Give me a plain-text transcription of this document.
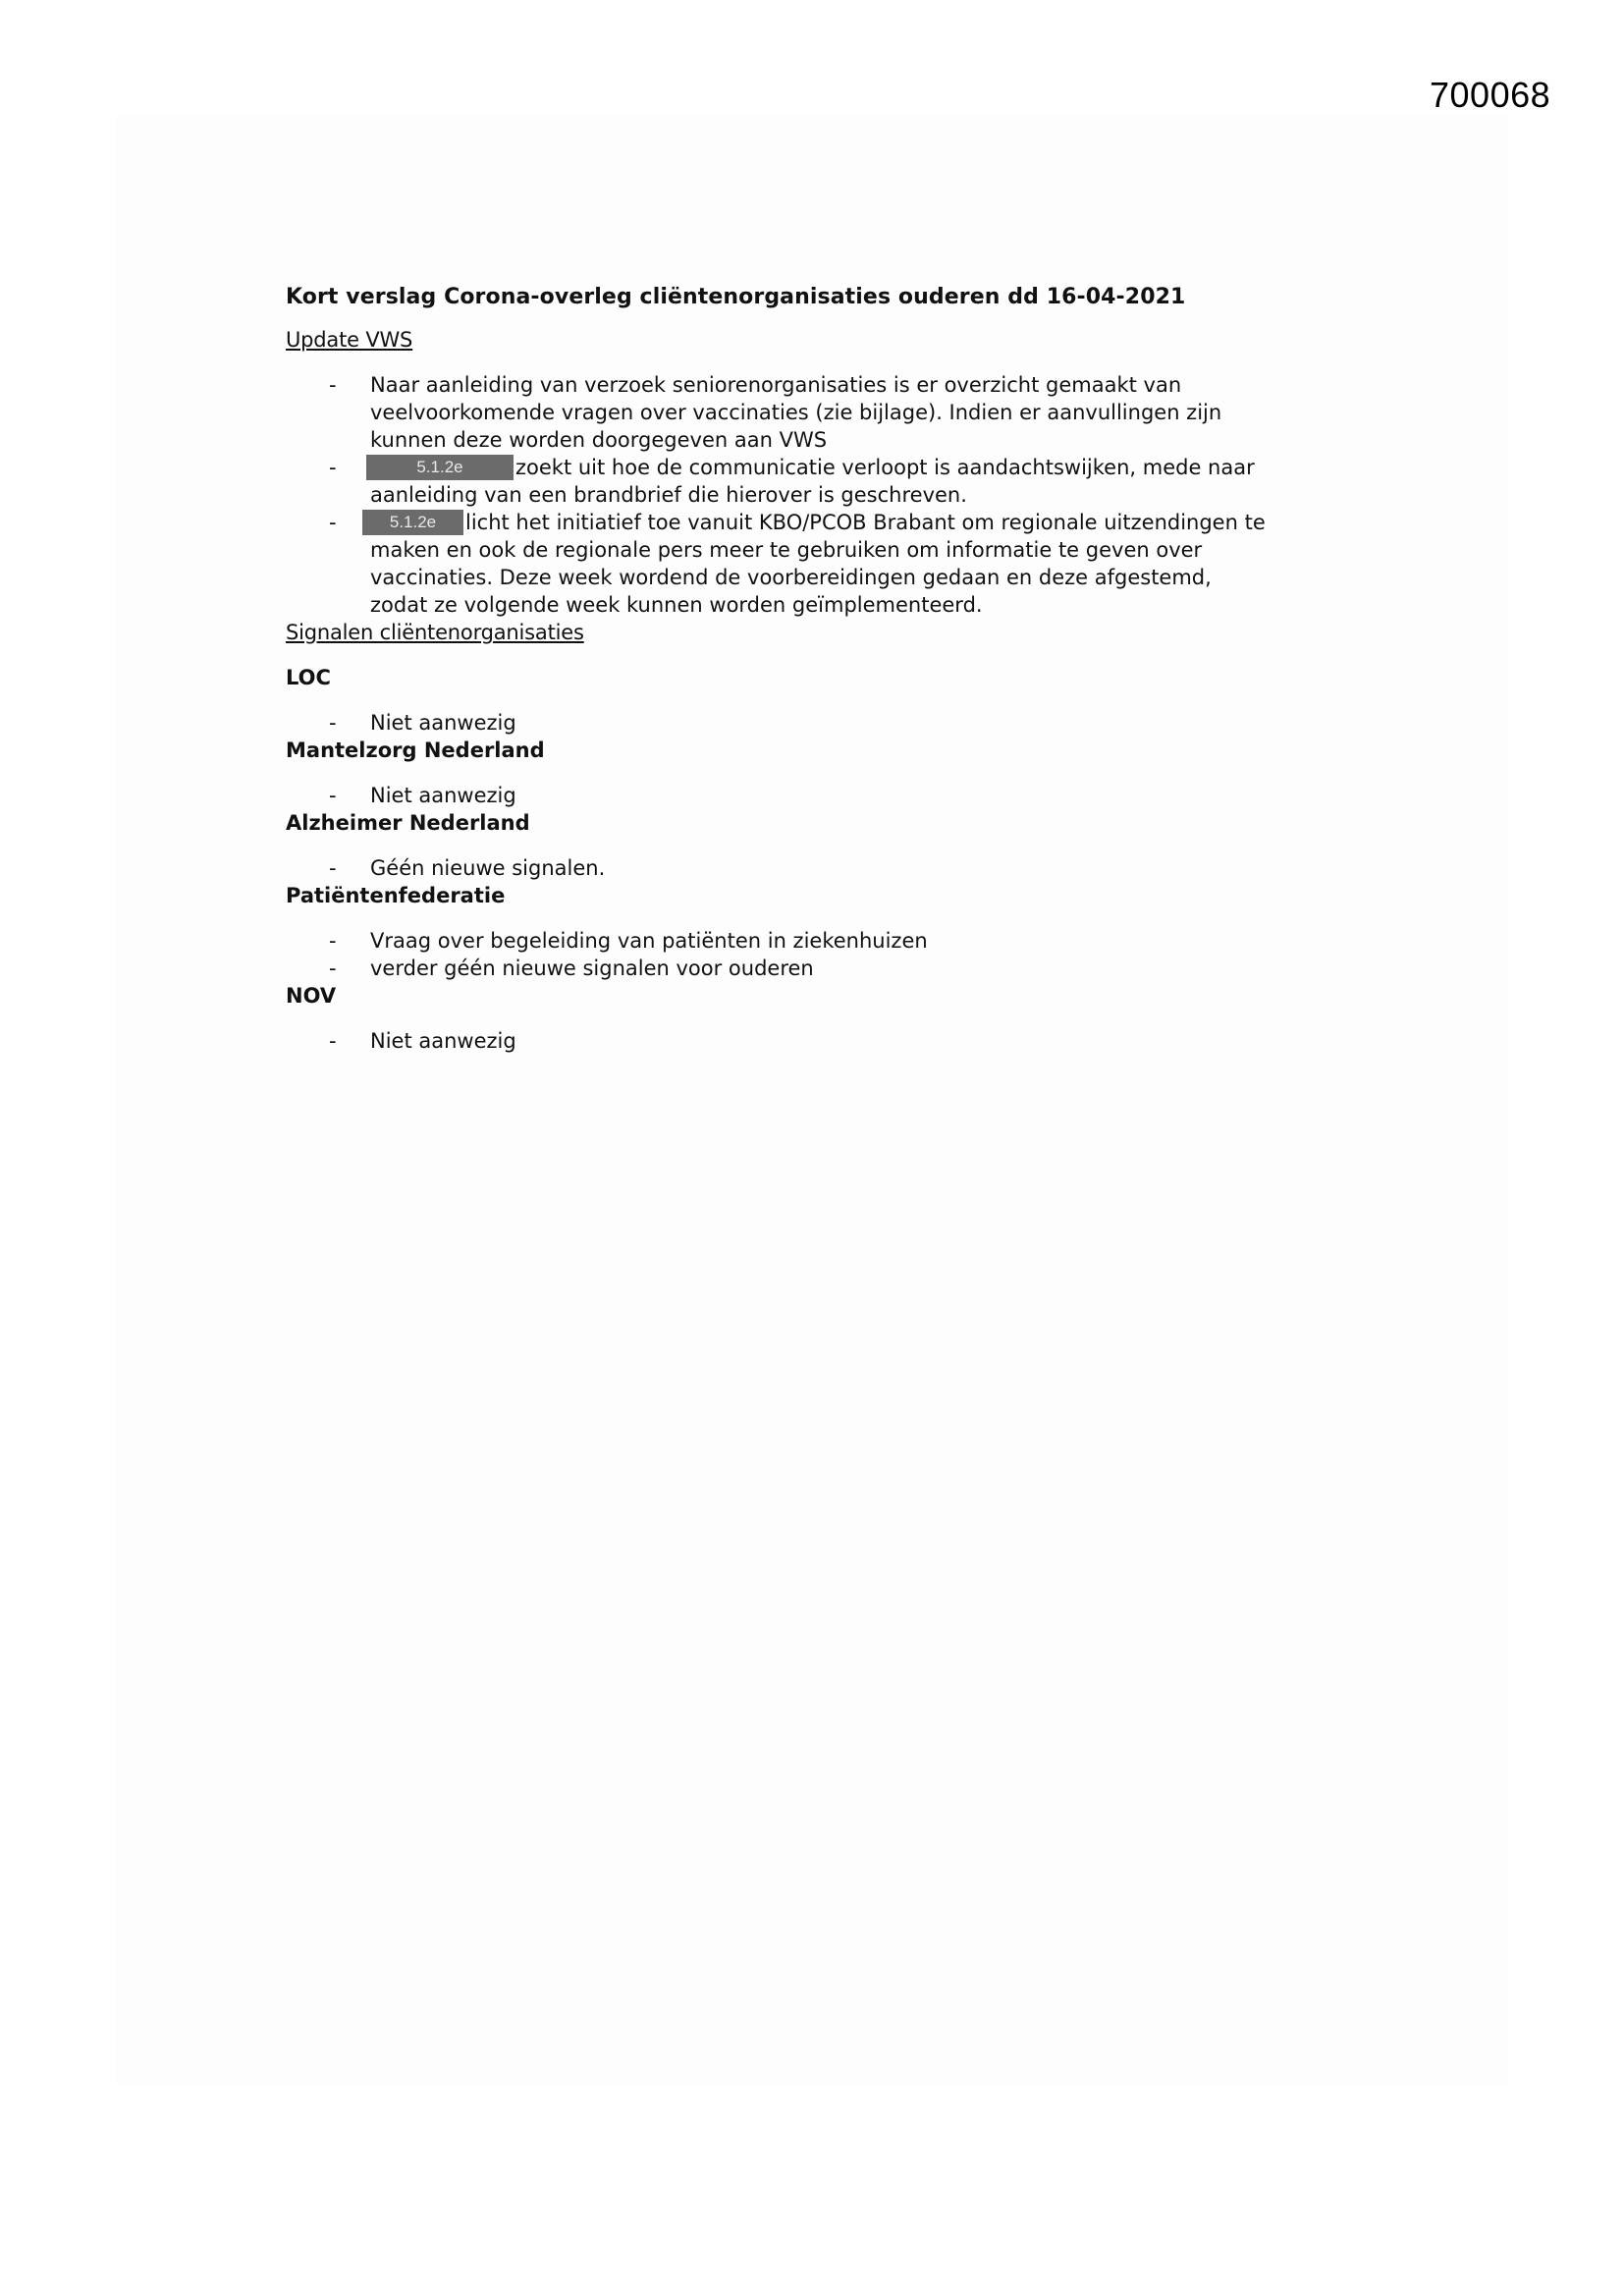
700068
Kort verslag Corona-overleg cliëntenorganisaties ouderen dd 16-04-2021
Update VWS
- Naar aanleiding van verzoek seniorenorganisaties is er overzicht gemaakt van veelvoorkomende vragen over vaccinaties (zie bijlage). Indien er aanvullingen zijn kunnen deze worden doorgegeven aan VWS
-	5.1.2e	zoekt uit hoe de communicatie verloopt is aandachtswijken, mede naar aanleiding van een brandbrief die hierover is geschreven.
-	5.1.2e licht het initiatief toe vanuit KBO/PCOB Brabant om regionale uitzendingen te maken en ook de regionale pers meer te gebruiken om informatie te geven over vaccinaties. Deze week wordend de voorbereidingen gedaan en deze afgestemd, zodat ze volgende week kunnen worden geïmplementeerd.
Signalen cliëntenorganisaties
LOC
- Niet aanwezig
Mantelzorg Nederland
- Niet aanwezig
Alzheimer Nederland
- Géén nieuwe signalen.
Patiëntenfederatie
- Vraag over begeleiding van patiënten in ziekenhuizen
- verder géén nieuwe signalen voor ouderen
NOV
- Niet aanwezig
